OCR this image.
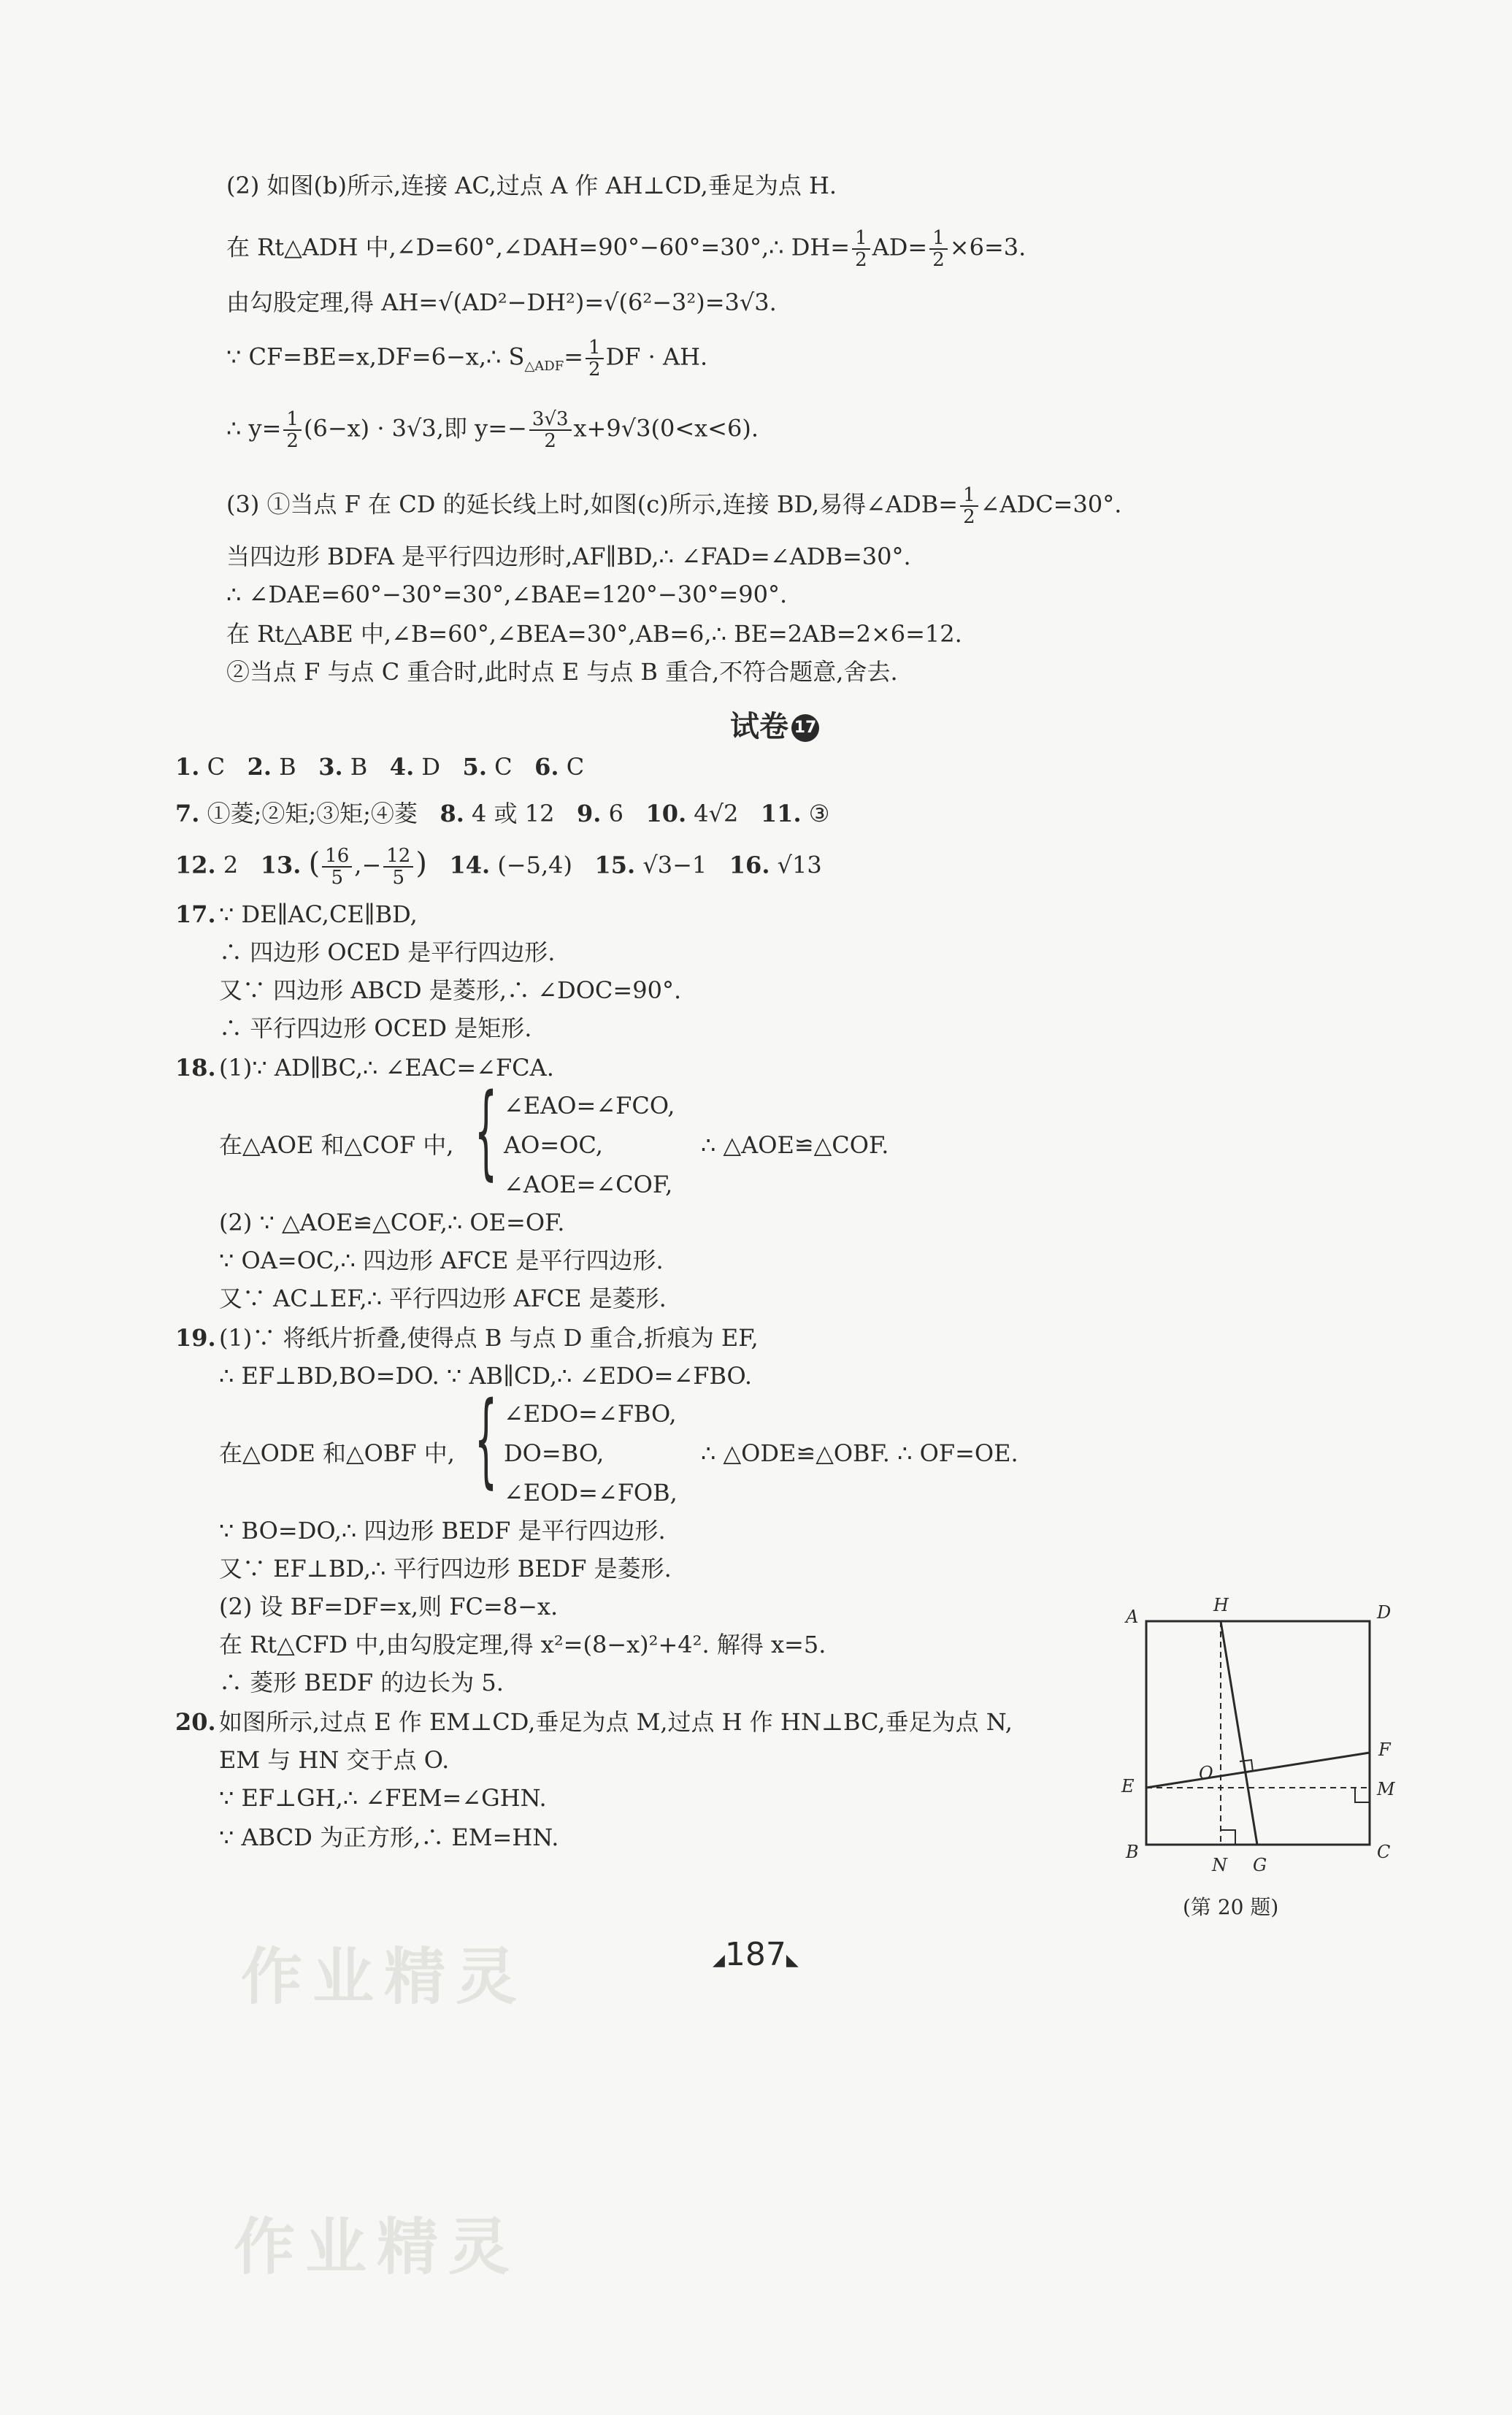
(2) 如图(b)所示,连接 AC,过点 A 作 AH⊥CD,垂足为点 H.
在 Rt△ADH 中,∠D=60°,∠DAH=90°−60°=30°,∴ $DH= \frac{1}{2} AD= \frac{1}{2} \times 6=3$.
由勾股定理,得 AH=√(AD²−DH²)=√(6²−3²)=3√3.
∵ CF=BE=x,DF=6−x,∴ $S_{\triangle ADF}= \frac{1}{2}$ DF · AH.
∴ $y= \frac{1}{2} (6-x) \cdot 3√3$,即 $y=- \frac{3√3}{2} x+9√3(0<x<6)$.
(3) ①当点 F 在 CD 的延长线上时,如图(c)所示,连接 BD,易得∠ADB= $\frac{1}{2}$ ∠ADC=30°.
当四边形 BDFA 是平行四边形时,AF∥BD,∴ ∠FAD=∠ADB=30°.
∴ ∠DAE=60°−30°=30°,∠BAE=120°−30°=90°.
在 Rt△ABE 中,∠B=60°,∠BEA=30°,AB=6,∴ BE=2AB=2×6=12.
②当点 F 与点 C 重合时,此时点 E 与点 B 重合,不符合题意,舍去.
试卷 17
1. C 2. B 3. B 4. D 5. C 6. C
7. ①菱;②矩;③矩;④菱 8. 4 或 12 9. 6 10. 4√2 11. ③
12. 2 13. ( $\frac{16}{5}$ ,− $\frac{12}{5}$ ) 14. (−5,4) 15. √3−1 16. √13
17. ∵ DE∥AC,CE∥BD,
∴ 四边形 OCED 是平行四边形.
又∵ 四边形 ABCD 是菱形,∴ ∠DOC=90°.
∴ 平行四边形 OCED 是矩形.
18. (1)∵ AD∥BC,∴ ∠EAC=∠FCA.
在△AOE 和△COF 中, { ∠EAO=∠FCO,
AO=OC,
∠AOE=∠COF,
∴ △AOE≌△COF.
(2) ∵ △AOE≌△COF,∴ OE=OF.
∵ OA=OC,∴ 四边形 AFCE 是平行四边形.
又∵ AC⊥EF,∴ 平行四边形 AFCE 是菱形.
19. (1)∵ 将纸片折叠,使得点 B 与点 D 重合,折痕为 EF,
∴ EF⊥BD,BO=DO. ∵ AB∥CD,∴ ∠EDO=∠FBO.
在△ODE 和△OBF 中, { ∠EDO=∠FBO,
DO=BO,
∠EOD=∠FOB,
∴ △ODE≌△OBF. ∴ OF=OE.
∵ BO=DO,∴ 四边形 BEDF 是平行四边形.
又∵ EF⊥BD,∴ 平行四边形 BEDF 是菱形.
(2) 设 BF=DF=x,则 FC=8−x.
在 Rt△CFD 中,由勾股定理,得 x²=(8−x)²+4². 解得 x=5.
∴ 菱形 BEDF 的边长为 5.
20. 如图所示,过点 E 作 EM⊥CD,垂足为点 M,过点 H 作 HN⊥BC,垂足为点 N,
EM 与 HN 交于点 O.
∵ EF⊥GH,∴ ∠FEM=∠GHN.
∵ ABCD 为正方形,∴ EM=HN.
A
H	D
F
O
E	M
B
N G
C
(第 20 题)
作业精灵	◢187◣
作业精灵
